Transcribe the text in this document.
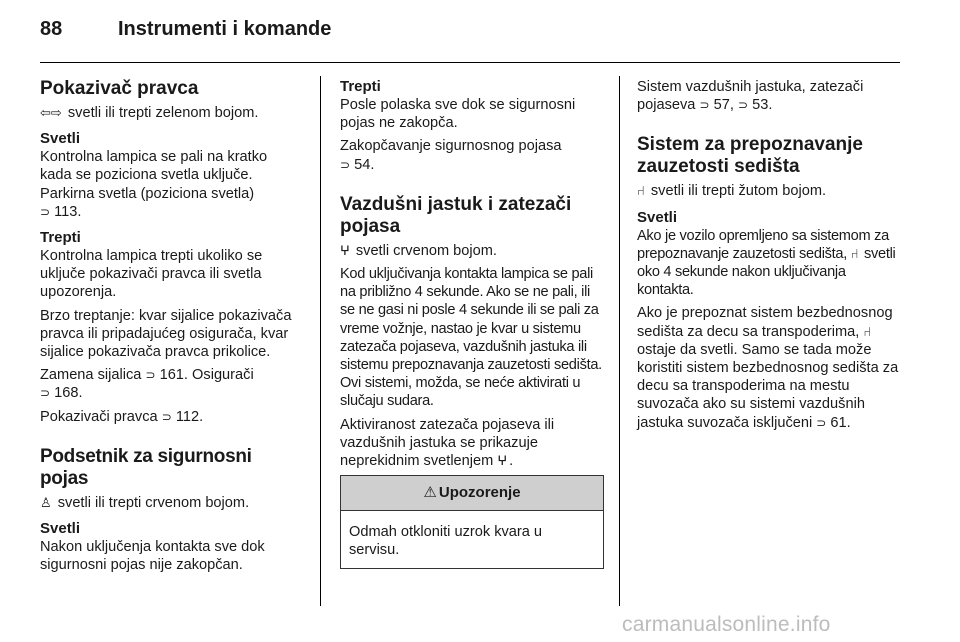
88	Instrumenti i komande
Pokazivač pravca

⇦⇨ svetli ili trepti zelenom bojom.

Svetli

Kontrolna lampica se pali na kratko kada se poziciona svetla uključe.

Parkirna svetla (poziciona svetla)
⊃ 113.

Trepti

Kontrolna lampica trepti ukoliko se uključe pokazivači pravca ili svetla upozorenja.

Brzo treptanje: kvar sijalice pokazivača pravca ili pripadajućeg osigurača, kvar sijalice pokazivača pravca prikolice.

Zamena sijalica ⊃ 161. Osigurači
⊃ 168.

Pokazivači pravca ⊃ 112.

Podsetnik za sigurnosni pojas

♙ svetli ili trepti crvenom bojom.

Svetli

Nakon uključenja kontakta sve dok sigurnosni pojas nije zakopčan.

Trepti

Posle polaska sve dok se sigurnosni pojas ne zakopča.

Zakopčavanje sigurnosnog pojasa
⊃ 54.

Vazdušni jastuk i zatezači pojasa

ⵖ svetli crvenom bojom.

Kod uključivanja kontakta lampica se pali na približno 4 sekunde. Ako se ne pali, ili se ne gasi ni posle 4 sekunde ili se pali za vreme vožnje, nastao je kvar u sistemu zatezača pojaseva, vazdušnih jastuka ili sistemu prepoznavanja zauzetosti sedišta. Ovi sistemi, možda, se neće aktivirati u slučaju sudara.

Aktiviranost zatezača pojaseva ili vazdušnih jastuka se prikazuje neprekidnim svetlenjem ⵖ .

⚠ Upozorenje

Odmah otkloniti uzrok kvara u servisu.

Sistem vazdušnih jastuka, zatezači pojaseva ⊃ 57, ⊃ 53.

Sistem za prepoznavanje zauzetosti sedišta

⑁ svetli ili trepti žutom bojom.

Svetli

Ako je vozilo opremljeno sa sistemom za prepoznavanje zauzetosti sedišta, ⑁ svetli oko 4 sekunde nakon uključivanja kontakta.

Ako je prepoznat sistem bezbednosnog sedišta za decu sa transpoderima, ⑁ ostaje da svetli. Samo se tada može koristiti sistem bezbednosnog sedišta za decu sa transpoderima na mestu suvozača ako su sistemi vazdušnih jastuka suvozača isključeni ⊃ 61.

carmanualsonline.info
